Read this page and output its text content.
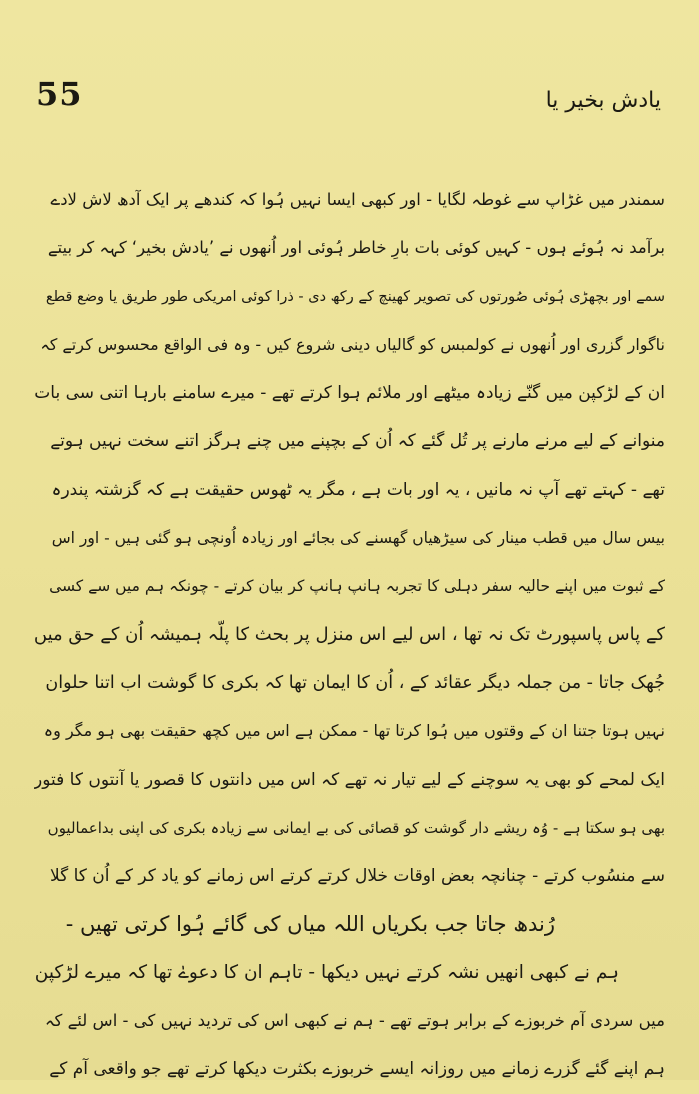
55	یادش بخیر یا
سمندر میں غڑاپ سے غوطہ لگایا - اور کبھی ایسا نہیں ہُوا کہ کندھے پر ایک آدھ لاش لادے
برآمد نہ ہُوئے ہوں - کہیں کوئی بات بارِ خاطر ہُوئی اور اُنھوں نے ’یادش بخیر‘ کہہ کر بیتے
سمے اور بچھڑی ہُوئی صُورتوں کی تصویر کھینچ کے رکھ دی - ذرا کوئی امریکی طور طریق یا وضع قطع
ناگوار گزری اور اُنھوں نے کولمبس کو گالیاں دینی شروع کیں - وہ فی الواقع محسوس کرتے کہ
ان کے لڑکپن میں گنّے زیادہ میٹھے اور ملائم ہوا کرتے تھے - میرے سامنے بارہا اتنی سی بات
منوانے کے لیے مرنے مارنے پر تُل گئے کہ اُن کے بچپنے میں چنے ہرگز اتنے سخت نہیں ہوتے
تھے - کہتے تھے آپ نہ مانیں ، یہ اور بات ہے ، مگر یہ ٹھوس حقیقت ہے کہ گزشتہ پندرہ
بیس سال میں قطب مینار کی سیڑھیاں گھسنے کی بجائے اور زیادہ اُونچی ہو گئی ہیں - اور اس
کے ثبوت میں اپنے حالیہ سفر دہلی کا تجربہ ہانپ ہانپ کر بیان کرتے - چونکہ ہم میں سے کسی
کے پاس پاسپورٹ تک نہ تھا ، اس لیے اس منزل پر بحث کا پلّہ ہمیشہ اُن کے حق میں
جُھک جاتا - من جملہ دیگر عقائد کے ، اُن کا ایمان تھا کہ بکری کا گوشت اب اتنا حلوان
نہیں ہوتا جتنا ان کے وقتوں میں ہُوا کرتا تھا - ممکن ہے اس میں کچھ حقیقت بھی ہو مگر وہ
ایک لمحے کو بھی یہ سوچنے کے لیے تیار نہ تھے کہ اس میں دانتوں کا قصور یا آنتوں کا فتور
بھی ہو سکتا ہے - وُہ ریشے دار گوشت کو قصائی کی بے ایمانی سے زیادہ بکری کی اپنی بداعمالیوں
سے منسُوب کرتے - چنانچہ بعض اوقات خلال کرتے کرتے اس زمانے کو یاد کر کے اُن کا گلا
رُندھ جاتا جب بکریاں اللہ میاں کی گائے ہُوا کرتی تھیں -
ہم نے کبھی انھیں نشہ کرتے نہیں دیکھا - تاہم ان کا دعوےٰ تھا کہ میرے لڑکپن
میں سردی آم خربوزے کے برابر ہوتے تھے - ہم نے کبھی اس کی تردید نہیں کی - اس لئے کہ
ہم اپنے گئے گزرے زمانے میں روزانہ ایسے خربوزے بکثرت دیکھا کرتے تھے جو واقعی آم کے
